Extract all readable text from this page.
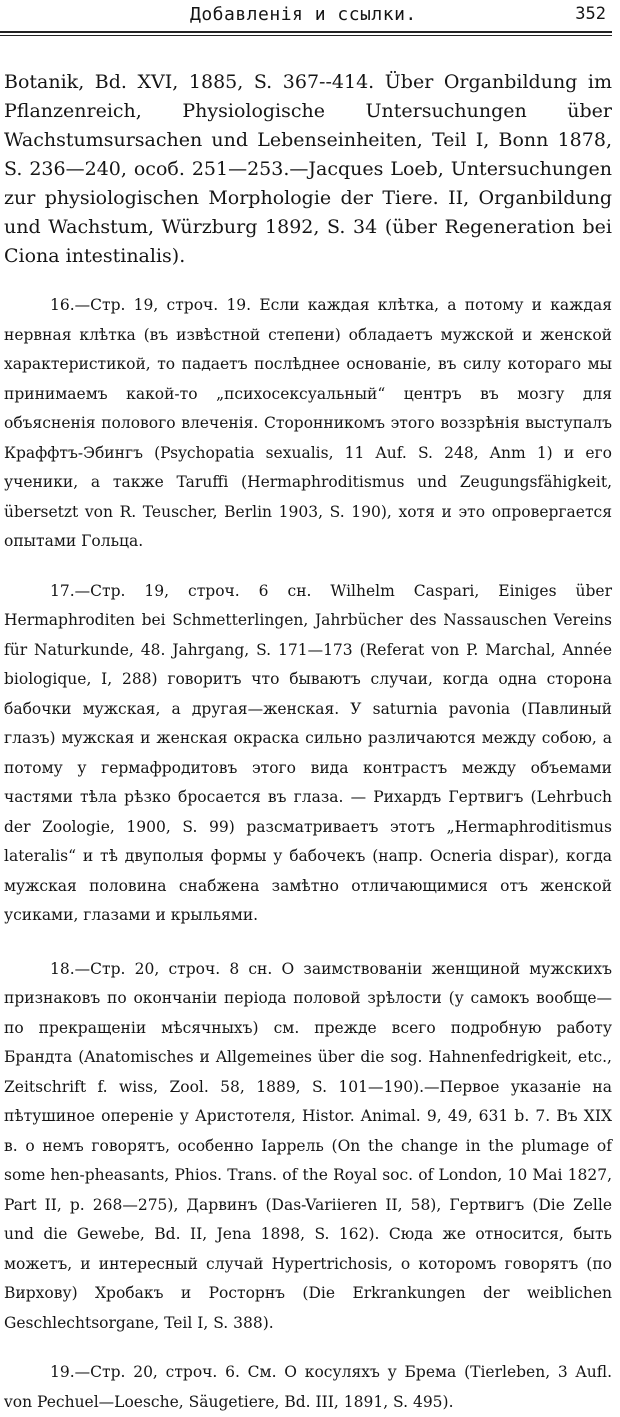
Добавленія и ссылки.	352

Botanik, Bd. XVI, 1885, S. 367--414. Über Organbildung im Pflanzenreich, Physiologische Untersuchungen über Wachstumsursachen und Lebenseinheiten, Teil I, Bonn 1878, S. 236—240, особ. 251—253.—Jacques Loeb, Untersuchungen zur physiologischen Morphologie der Tiere. II, Organbildung und Wachstum, Würzburg 1892, S. 34 (über Regeneration bei Ciona intestinalis).

16.—Стр. 19, строч. 19. Если каждая клѣтка, а потому и каждая нервная клѣтка (въ извѣстной степени) обладаетъ мужской и женской характеристикой, то падаетъ послѣднее основаніе, въ силу котораго мы принимаемъ какой-то „психосексуальный“ центръ въ мозгу для объясненія полового влеченія. Сторонникомъ этого воззрѣнія выступалъ Краффтъ-Эбингъ (Psychopatia sexualis, 11 Auf. S. 248, Anm 1) и его ученики, а также Taruffi (Hermaphroditismus und Zeugungsfähigkeit, übersetzt von R. Teuscher, Berlin 1903, S. 190), хотя и это опровергается опытами Гольца.

17.—Стр. 19, строч. 6 сн. Wilhelm Caspari, Einiges über Hermaphroditen bei Schmetterlingen, Jahrbücher des Nassauschen Vereins für Naturkunde, 48. Jahrgang, S. 171—173 (Referat von P. Marchal, Année biologique, I, 288) говоритъ что бываютъ случаи, когда одна сторона бабочки мужская, а другая—женская. У saturnia pavonia (Павлиный глазъ) мужская и женская окраска сильно различаются между собою, а потому у гермафродитовъ этого вида контрастъ между объемами частями тѣла рѣзко бросается въ глаза. — Рихардъ Гертвигъ (Lehrbuch der Zoologie, 1900, S. 99) разсматриваетъ этотъ „Hermaphroditismus lateralis“ и тѣ двуполыя формы у бабочекъ (напр. Ocneria dispar), когда мужская половина снабжена замѣтно отличающимися отъ женской усиками, глазами и крыльями.

18.—Стр. 20, строч. 8 сн. О заимствованіи женщиной мужскихъ признаковъ по окончаніи періода половой зрѣлости (у самокъ вообще—по прекращеніи мѣсячныхъ) см. прежде всего подробную работу Брандта (Anatomisches и Allgemeines über die sog. Hahnenfedrigkeit, etc., Zeitschrift f. wiss, Zool. 58, 1889, S. 101—190).—Первое указаніе на пѣтушиное опереніе у Аристотеля, Histor. Animal. 9, 49, 631 b. 7. Въ XIX в. о немъ говорятъ, особенно Іаррель (On the change in the plumage of some hen-pheasants, Phios. Trans. of the Royal soc. of London, 10 Mai 1827, Part II, p. 268—275), Дарвинъ (Das-Variieren II, 58), Гертвигъ (Die Zelle und die Gewebe, Bd. II, Jena 1898, S. 162). Сюда же относится, быть можетъ, и интересный случай Hypertrichosis, о которомъ говорятъ (по Вирхову) Хробакъ и Росторнъ (Die Erkrankungen der weiblichen Geschlechtsorgane, Teil I, S. 388).

19.—Стр. 20, строч. 6. См. О косуляхъ у Брема (Tierleben, 3 Aufl. von Pechuel—Loesche, Säugetiere, Bd. III, 1891, S. 495).
